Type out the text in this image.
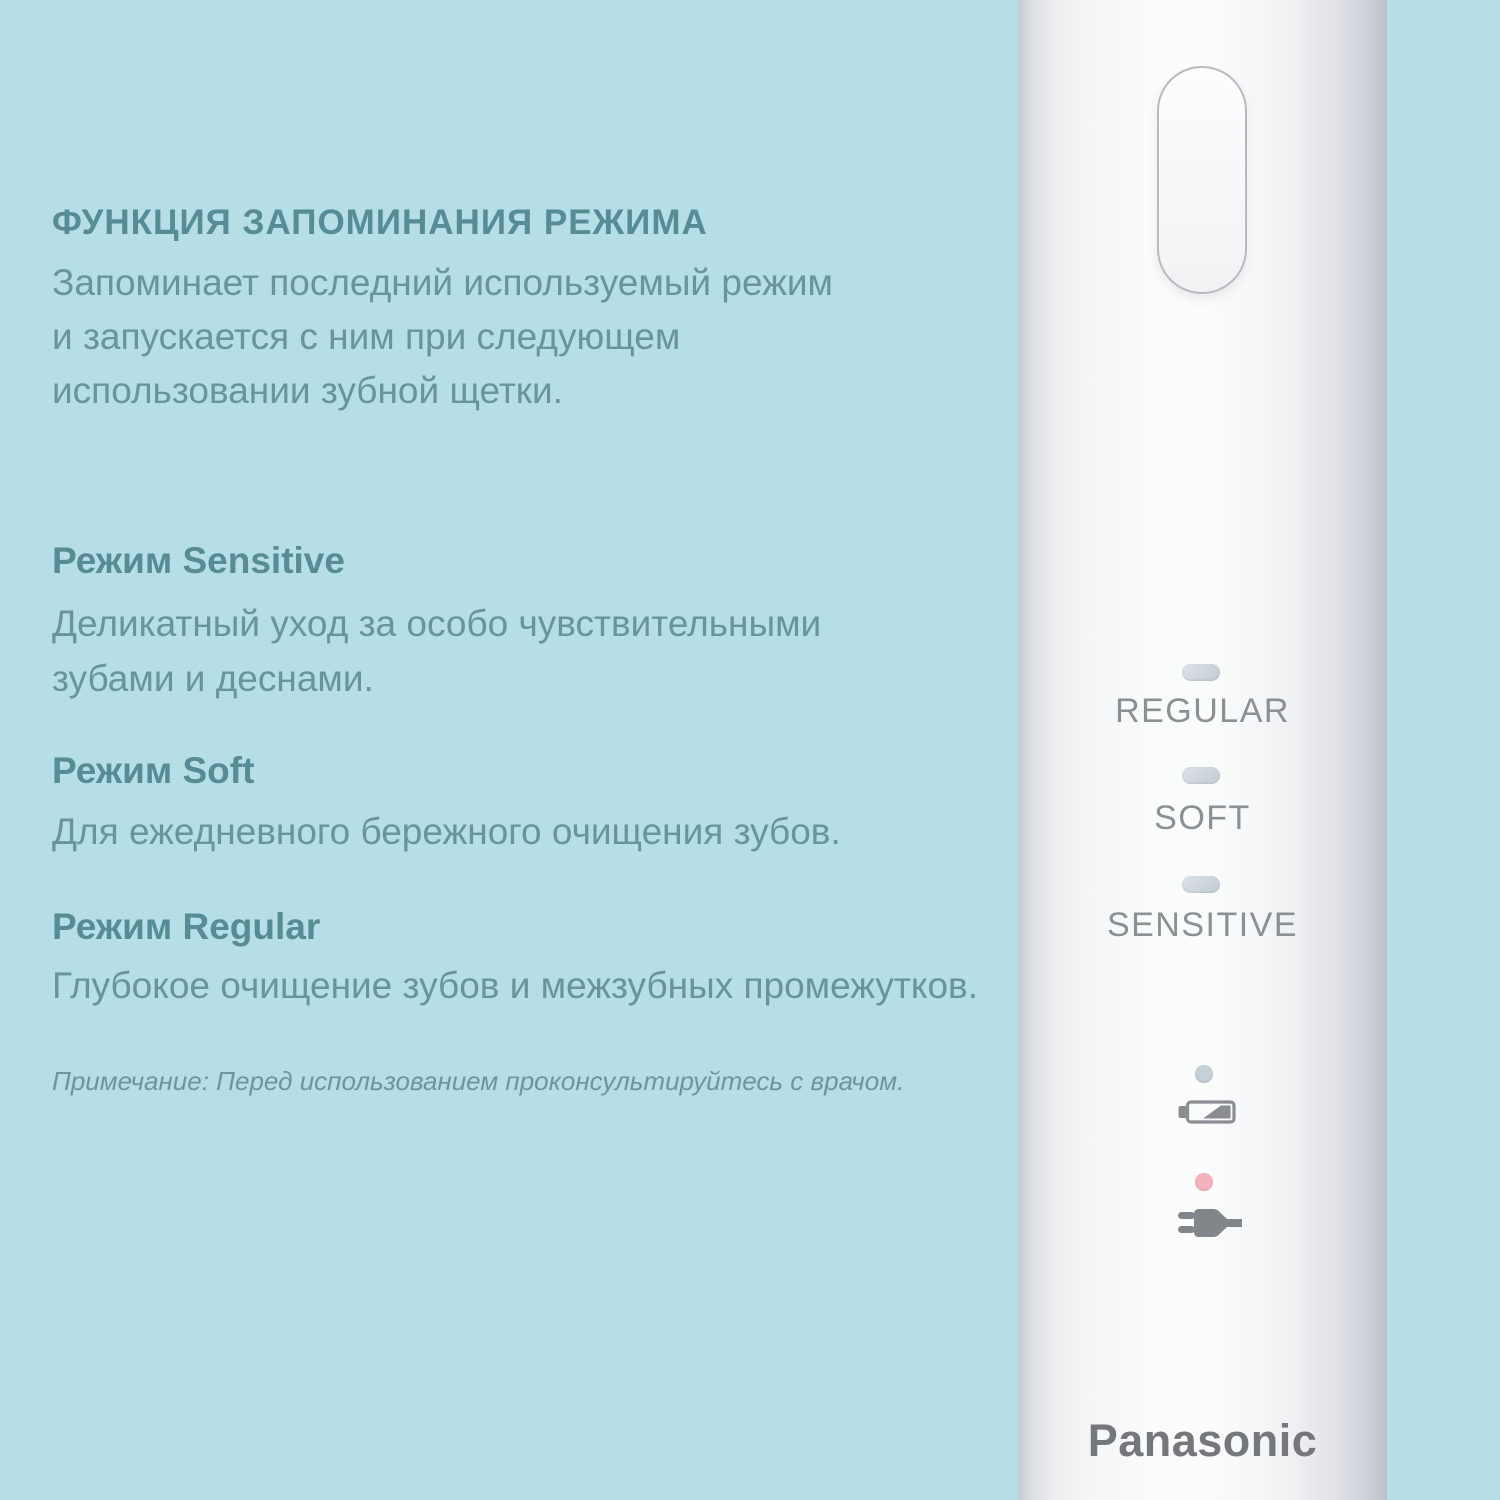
ФУНКЦИЯ ЗАПОМИНАНИЯ РЕЖИМА
Запоминает последний используемый режим
и запускается с ним при следующем
использовании зубной щетки.
Режим Sensitive
Деликатный уход за особо чувствительными
зубами и деснами.
Режим Soft
Для ежедневного бережного очищения зубов.
Режим Regular
Глубокое очищение зубов и межзубных промежутков.
Примечание: Перед использованием проконсультируйтесь с врачом.
REGULAR
SOFT
SENSITIVE
Panasonic
